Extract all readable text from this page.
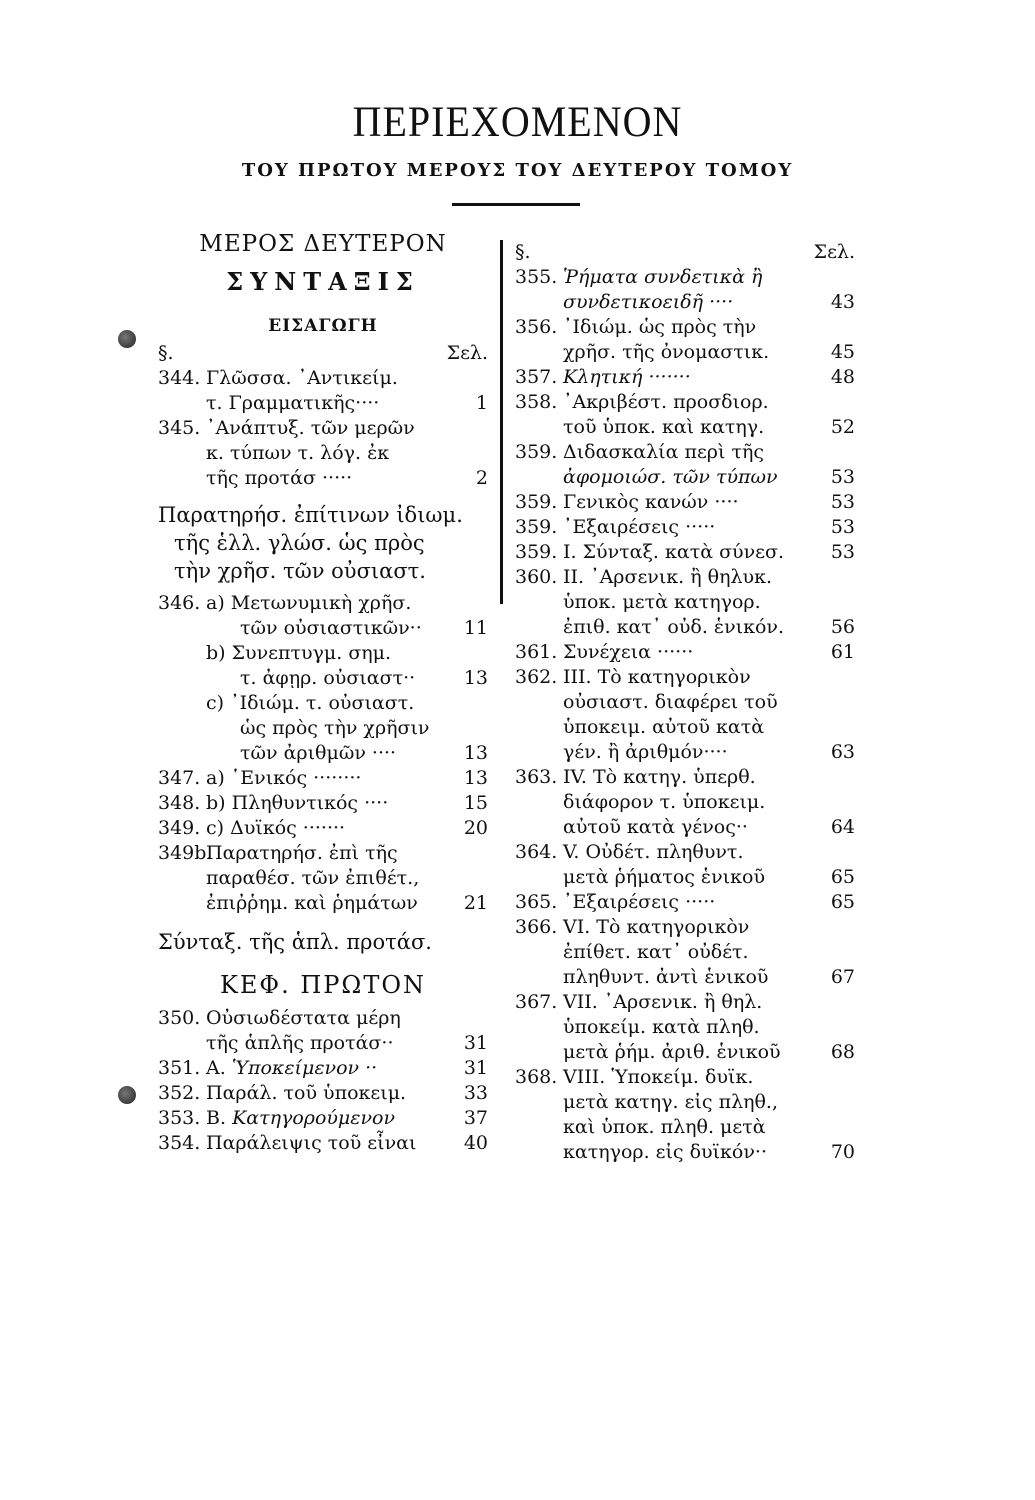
ΠΕΡΙΕΧΟΜΕΝΟΝ
ΤΟΥ ΠΡΩΤΟΥ ΜΕΡΟΥΣ ΤΟΥ ΔΕΥΤΕΡΟΥ ΤΟΜΟΥ
ΜΕΡΟΣ ΔΕΥΤΕΡΟΝ
ΣΥΝΤΑΞΙΣ
ΕΙΣΑΓΩΓΗ
§.	Σελ.
344. Γλῶσσα. ᾿Αντικείμ.
τ. Γραμματικῆς····	1
345. ᾿Ανάπτυξ. τῶν μερῶν
κ. τύπων τ. λόγ. ἐκ
τῆς προτάσ ·····	2
Παρατηρήσ. ἐπίτινων ἰδιωμ.
τῆς ἑλλ. γλώσ. ὡς πρὸς
τὴν χρῆσ. τῶν οὐσιαστ.
346. a) Μετωνυμικὴ χρῆσ.
τῶν οὐσιαστικῶν··	11
b) Συνεπτυγμ. σημ.
τ. ἀφῃρ. οὐσιαστ··	13
c) ᾿Ιδιώμ. τ. οὐσιαστ.
ὡς πρὸς τὴν χρῆσιν
τῶν ἀριθμῶν ····	13
347. a) ῾Ενικός ········	13
348. b) Πληθυντικός ····	15
349. c) Δυϊκός ·······	20
349b.
Παρατηρήσ. ἐπὶ τῆς
παραθέσ. τῶν ἐπιθέτ.,
ἐπιῤῥημ. καὶ ῥημάτων	21
Σύνταξ. τῆς ἁπλ. προτάσ.
ΚΕΦ. ΠΡΩΤΟΝ
350. Οὐσιωδέστατα μέρη
τῆς ἁπλῆς προτάσ··	31
351. A. Ὑποκείμενον ··	31
352. Παράλ. τοῦ ὑποκειμ.	33
353. B. Κατηγορούμενον	37
354. Παράλειψις τοῦ εἶναι	40
§.	Σελ.
355. Ῥήματα συνδετικὰ ἢ
συνδετικοειδῆ ····	43
356. ᾿Ιδιώμ. ὡς πρὸς τὴν
χρῆσ. τῆς ὀνομαστικ.	45
357. Κλητική ·······	48
358. ᾿Ακριβέστ. προσδιορ.
τοῦ ὑποκ. καὶ κατηγ.	52
359. Διδασκαλία περὶ τῆς
ἀφομοιώσ. τῶν τύπων	53
359. Γενικὸς κανών ····	53
359. ᾿Εξαιρέσεις ·····	53
359. I. Σύνταξ. κατὰ σύνεσ.	53
360. II. ᾿Αρσενικ. ἢ θηλυκ.
ὑποκ. μετὰ κατηγορ.
ἐπιθ. κατ᾿ οὐδ. ἑνικόν.	56
361. Συνέχεια ······	61
362. III. Τὸ κατηγορικὸν
οὐσιαστ. διαφέρει τοῦ
ὑποκειμ. αὐτοῦ κατὰ
γέν. ἢ ἀριθμόν····	63
363. IV. Τὸ κατηγ. ὑπερθ.
διάφορον τ. ὑποκειμ.
αὐτοῦ κατὰ γένος··	64
364. V. Οὐδέτ. πληθυντ.
μετὰ ῥήματος ἑνικοῦ	65
365. ᾿Εξαιρέσεις ·····	65
366. VI. Τὸ κατηγορικὸν
ἐπίθετ. κατ᾿ οὐδέτ.
πληθυντ. ἀντὶ ἑνικοῦ	67
367. VII. ᾿Αρσενικ. ἢ θηλ.
ὑποκείμ. κατὰ πληθ.
μετὰ ῥήμ. ἀριθ. ἑνικοῦ	68
368. VIII. Ὑποκείμ. δυϊκ.
μετὰ κατηγ. εἰς πληθ.,
καὶ ὑποκ. πληθ. μετὰ
κατηγορ. εἰς δυϊκόν··	70
